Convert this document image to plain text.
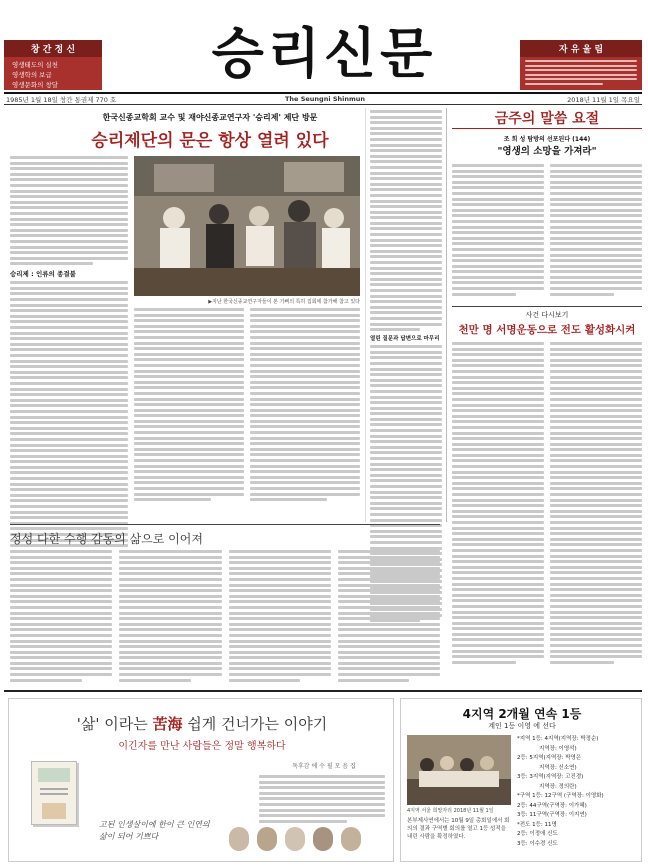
창 간 정 신
영생태도의 실천
영생학의 보급
영생문화의 창달	승리신문	자 유 울 림
1985년 1월 18일 창간 통권제 770 호	The Seungni Shinmun	2018년 11월 1일 목요일
한국신종교학회 교수 및 재야신종교연구자 '승리제' 제단 방문
승리제단의 문은 항상 열려 있다
승리제 : 인류의 종결불
▶지난 한국신종교연구자들이 본 기뻐의 특히 집회에 참가해 참고 있다
열린 질문과 답변으로 마무리
금주의 말씀 요절
조 희 성 탐방의 선포된다 (144)
"영생의 소망을 가져라"
사건 다시보기
천만 명 서명운동으로 전도 활성화시켜
정성 다한 수행 감동의 삶으로 이어져
'삶' 이라는 苦海 쉽게 건너가는 이야기
이긴자를 만난 사람들은 정말 행복하다
독후감 에 수 필 모 음 집
고된 인생살이에 한이 큰 인연의 삶이 되어 기쁘다
4지역 2개월 연속 1등
계인 1등 이영 에 선다
4지역 서울 희망자리 2018년 11월 1일
본부제사연에서는 10월 9일 총회일에서 회의의 결과 구역별 회의를 열고 1등 성적을 내린 사람을 확정하였다.
*지역 1등: 4지역(지역장: 박정순)
지역장: 이영석)
2등: 5지역(지역장: 박영은
지역장: 신소연)
3등: 3지역(지역장: 고진경)
지역장: 정의란)
*구역 1등: 12구역 (구역장: 이영화)
2등: 44구역(구역장: 이가혜)
3등: 11구역(구역장: 이지연)
*전도 1등: 11명
2등: 이정애 신도
3등: 이수경 신도
